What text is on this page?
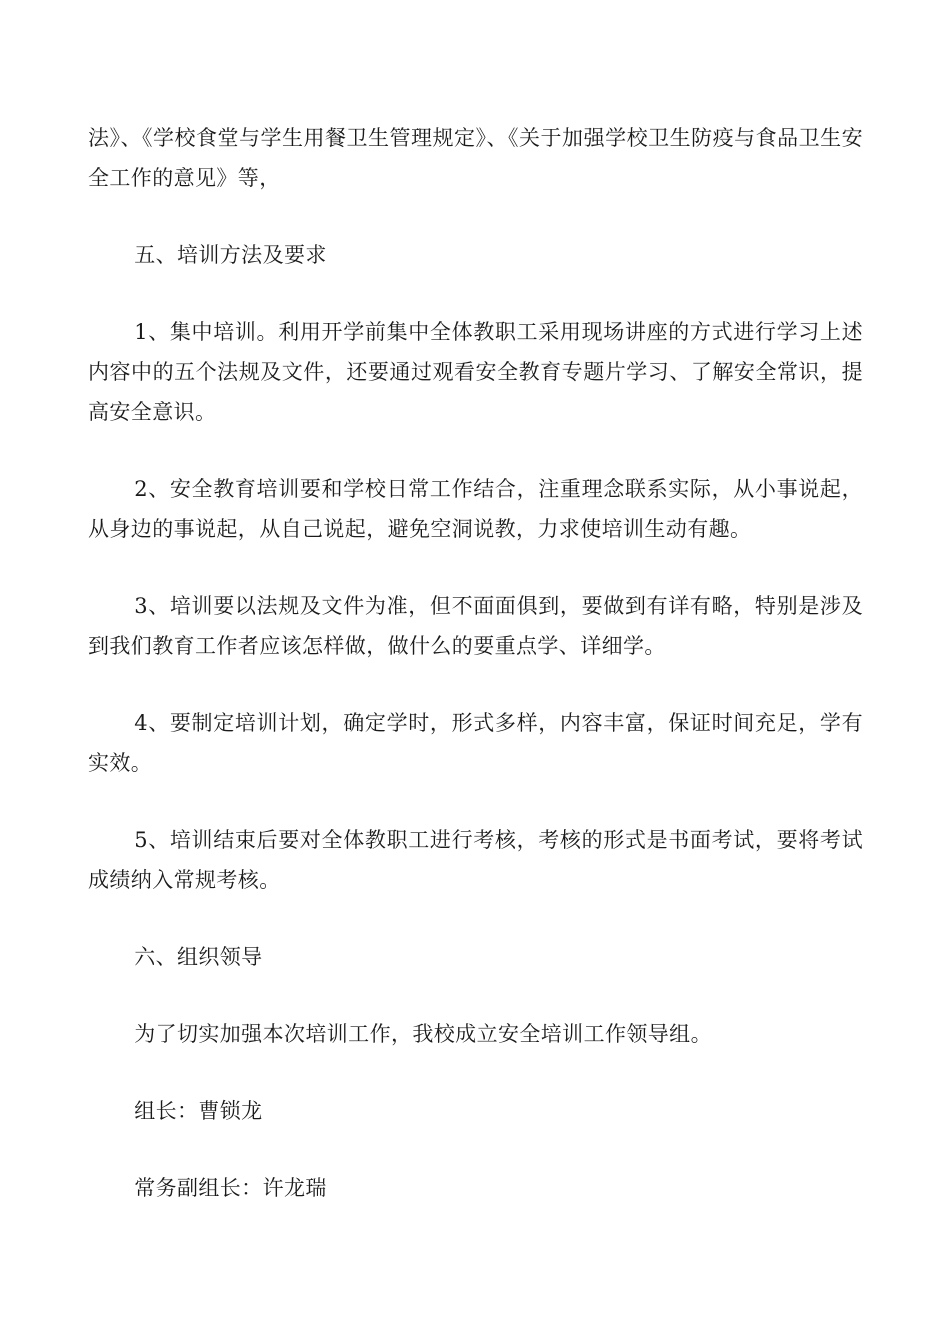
法》、《学校食堂与学生用餐卫生管理规定》、《关于加强学校卫生防疫与食品卫生安全工作的意见》等，

五、培训方法及要求

1、集中培训。利用开学前集中全体教职工采用现场讲座的方式进行学习上述内容中的五个法规及文件，还要通过观看安全教育专题片学习、了解安全常识，提高安全意识。

2、安全教育培训要和学校日常工作结合，注重理念联系实际，从小事说起，从身边的事说起，从自己说起，避免空洞说教，力求使培训生动有趣。

3、培训要以法规及文件为准，但不面面俱到，要做到有详有略，特别是涉及到我们教育工作者应该怎样做，做什么的要重点学、详细学。

4、要制定培训计划，确定学时，形式多样，内容丰富，保证时间充足，学有实效。

5、培训结束后要对全体教职工进行考核，考核的形式是书面考试，要将考试成绩纳入常规考核。

六、组织领导

为了切实加强本次培训工作，我校成立安全培训工作领导组。

组长：曹锁龙

常务副组长：许龙瑞
